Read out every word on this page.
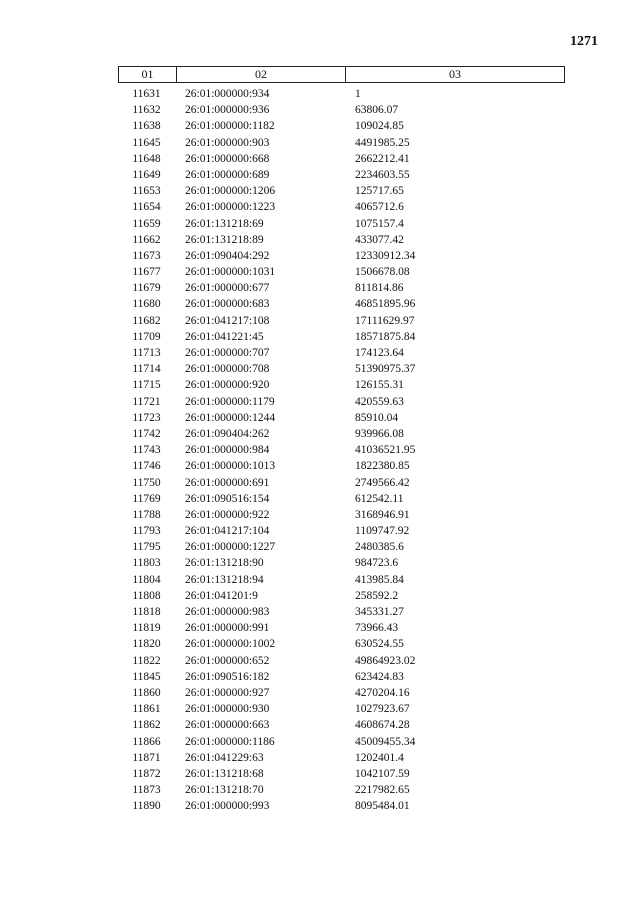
1271
01	02	03
11631	26:01:000000:934	1
11632	26:01:000000:936	63806.07
11638	26:01:000000:1182	109024.85
11645	26:01:000000:903	4491985.25
11648	26:01:000000:668	2662212.41
11649	26:01:000000:689	2234603.55
11653	26:01:000000:1206	125717.65
11654	26:01:000000:1223	4065712.6
11659	26:01:131218:69	1075157.4
11662	26:01:131218:89	433077.42
11673	26:01:090404:292	12330912.34
11677	26:01:000000:1031	1506678.08
11679	26:01:000000:677	811814.86
11680	26:01:000000:683	46851895.96
11682	26:01:041217:108	17111629.97
11709	26:01:041221:45	18571875.84
11713	26:01:000000:707	174123.64
11714	26:01:000000:708	51390975.37
11715	26:01:000000:920	126155.31
11721	26:01:000000:1179	420559.63
11723	26:01:000000:1244	85910.04
11742	26:01:090404:262	939966.08
11743	26:01:000000:984	41036521.95
11746	26:01:000000:1013	1822380.85
11750	26:01:000000:691	2749566.42
11769	26:01:090516:154	612542.11
11788	26:01:000000:922	3168946.91
11793	26:01:041217:104	1109747.92
11795	26:01:000000:1227	2480385.6
11803	26:01:131218:90	984723.6
11804	26:01:131218:94	413985.84
11808	26:01:041201:9	258592.2
11818	26:01:000000:983	345331.27
11819	26:01:000000:991	73966.43
11820	26:01:000000:1002	630524.55
11822	26:01:000000:652	49864923.02
11845	26:01:090516:182	623424.83
11860	26:01:000000:927	4270204.16
11861	26:01:000000:930	1027923.67
11862	26:01:000000:663	4608674.28
11866	26:01:000000:1186	45009455.34
11871	26:01:041229:63	1202401.4
11872	26:01:131218:68	1042107.59
11873	26:01:131218:70	2217982.65
11890	26:01:000000:993	8095484.01
